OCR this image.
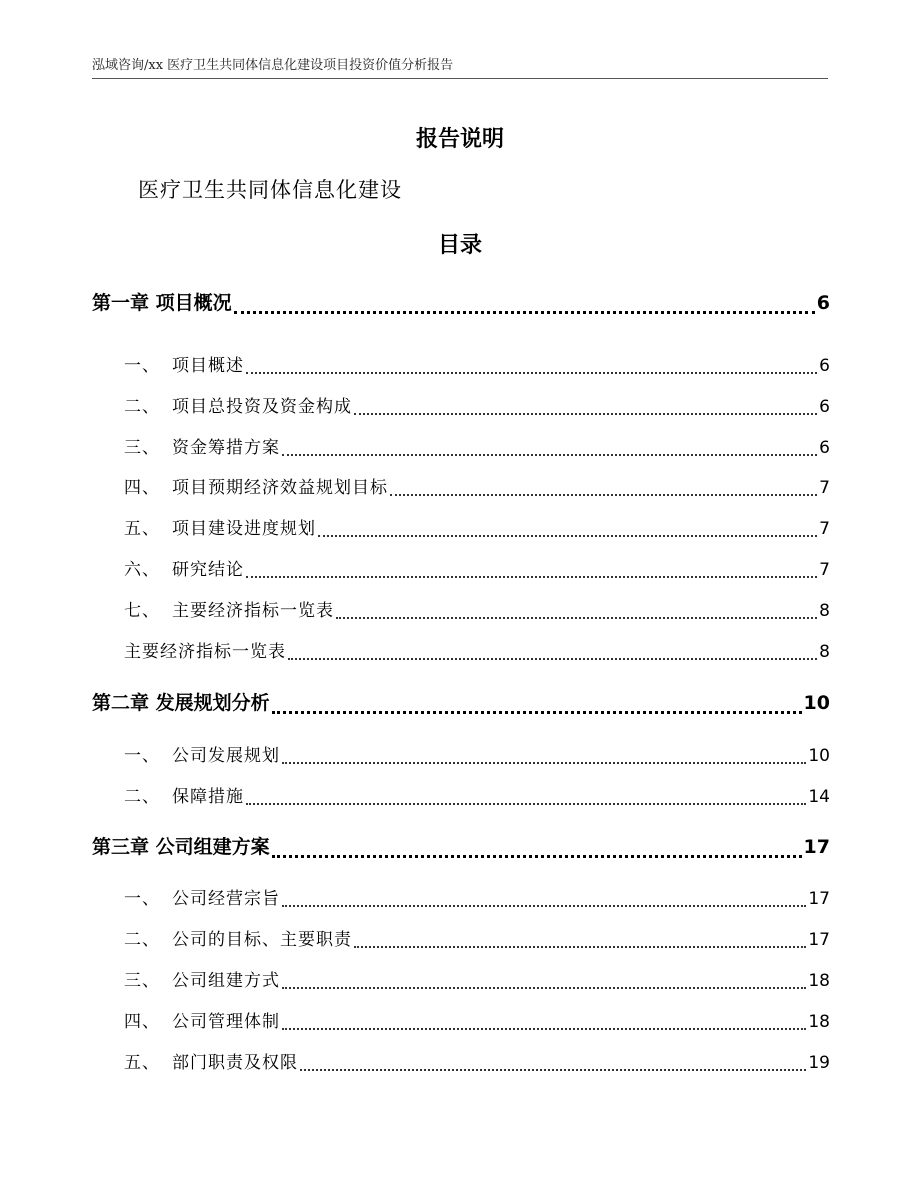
泓域咨询/xx 医疗卫生共同体信息化建设项目投资价值分析报告
报告说明
医疗卫生共同体信息化建设
目录
第一章 项目概况	6
一、 项目概述	6
二、 项目总投资及资金构成	6
三、 资金筹措方案	6
四、 项目预期经济效益规划目标	7
五、 项目建设进度规划	7
六、 研究结论	7
七、 主要经济指标一览表	8
主要经济指标一览表	8
第二章 发展规划分析	10
一、 公司发展规划	10
二、 保障措施	14
第三章 公司组建方案	17
一、 公司经营宗旨	17
二、 公司的目标、主要职责	17
三、 公司组建方式	18
四、 公司管理体制	18
五、 部门职责及权限	19
